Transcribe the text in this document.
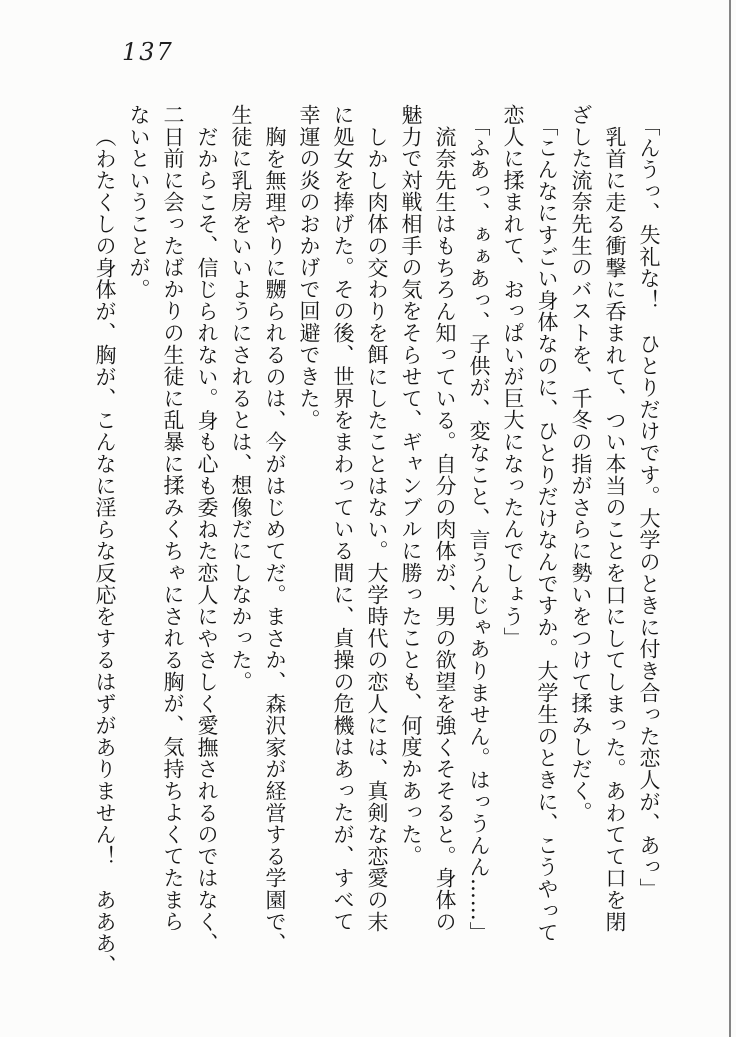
137
「んうっ、失礼な！　ひとりだけです。大学のときに付き合った恋人が、あっ」
乳首に走る衝撃に呑まれて、つい本当のことを口にしてしまった。あわてて口を閉
ざした流奈先生のバストを、千冬の指がさらに勢いをつけて揉みしだく。
「こんなにすごい身体なのに、ひとりだけなんですか。大学生のときに、こうやって
恋人に揉まれて、おっぱいが巨大になったんでしょう」
「ふあっ、ぁぁあっ、子供が、変なこと、言うんじゃありません。はっうんん……」
流奈先生はもちろん知っている。自分の肉体が、男の欲望を強くそそると。身体の
魅力で対戦相手の気をそらせて、ギャンブルに勝ったことも、何度かあった。
しかし肉体の交わりを餌にしたことはない。大学時代の恋人には、真剣な恋愛の末
に処女を捧げた。その後、世界をまわっている間に、貞操の危機はあったが、すべて
幸運の炎のおかげで回避できた。
胸を無理やりに嬲られるのは、今がはじめてだ。まさか、森沢家が経営する学園で、
生徒に乳房をいいようにされるとは、想像だにしなかった。
だからこそ、信じられない。身も心も委ねた恋人にやさしく愛撫されるのではなく、
二日前に会ったばかりの生徒に乱暴に揉みくちゃにされる胸が、気持ちよくてたまら
ないということが。
（わたくしの身体が、胸が、こんなに淫らな反応をするはずがありません！　あああ、
